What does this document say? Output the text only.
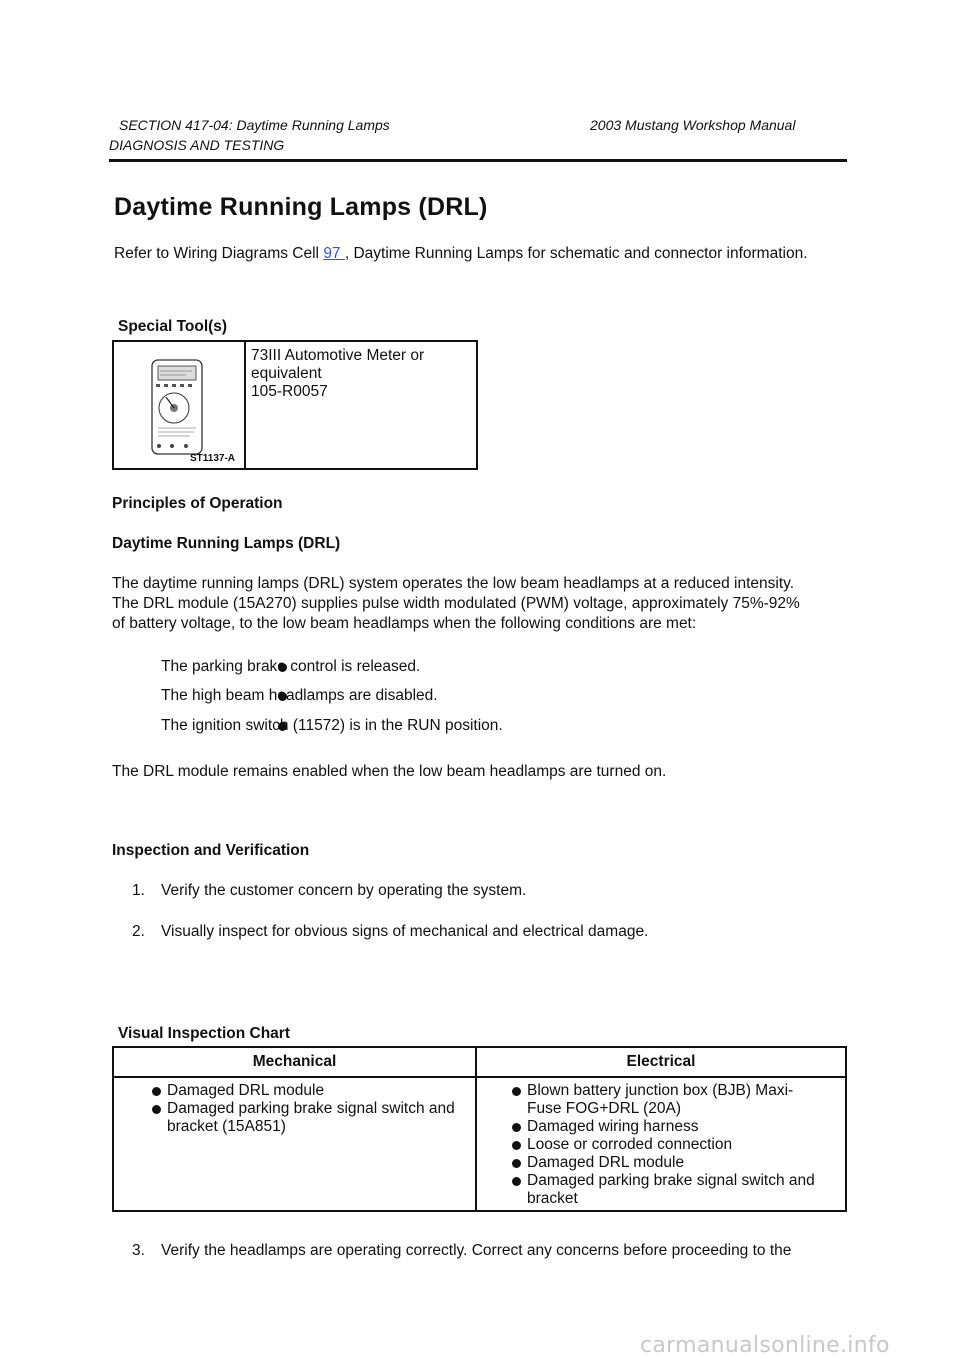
SECTION 417-04: Daytime Running Lamps	2003 Mustang Workshop Manual
DIAGNOSIS AND TESTING
Daytime Running Lamps (DRL)
Refer to Wiring Diagrams Cell 97 , Daytime Running Lamps for schematic and connector information.
Special Tool(s)
ST1137-A
73III Automotive Meter or
equivalent
105-R0057
Principles of Operation
Daytime Running Lamps (DRL)
The daytime running lamps (DRL) system operates the low beam headlamps at a reduced intensity.
The DRL module (15A270) supplies pulse width modulated (PWM) voltage, approximately 75%-92%
of battery voltage, to the low beam headlamps when the following conditions are met:
The parking brake control is released.
The high beam headlamps are disabled.
The ignition switch (11572) is in the RUN position.
The DRL module remains enabled when the low beam headlamps are turned on.
Inspection and Verification
1. Verify the customer concern by operating the system.
2. Visually inspect for obvious signs of mechanical and electrical damage.
Visual Inspection Chart
Mechanical	Electrical
Damaged DRL module
Damaged parking brake signal switch and
bracket (15A851)
Blown battery junction box (BJB) Maxi-
Fuse FOG+DRL (20A)
Damaged wiring harness
Loose or corroded connection
Damaged DRL module
Damaged parking brake signal switch and
bracket
3. Verify the headlamps are operating correctly. Correct any concerns before proceeding to the
carmanualsonline.info
